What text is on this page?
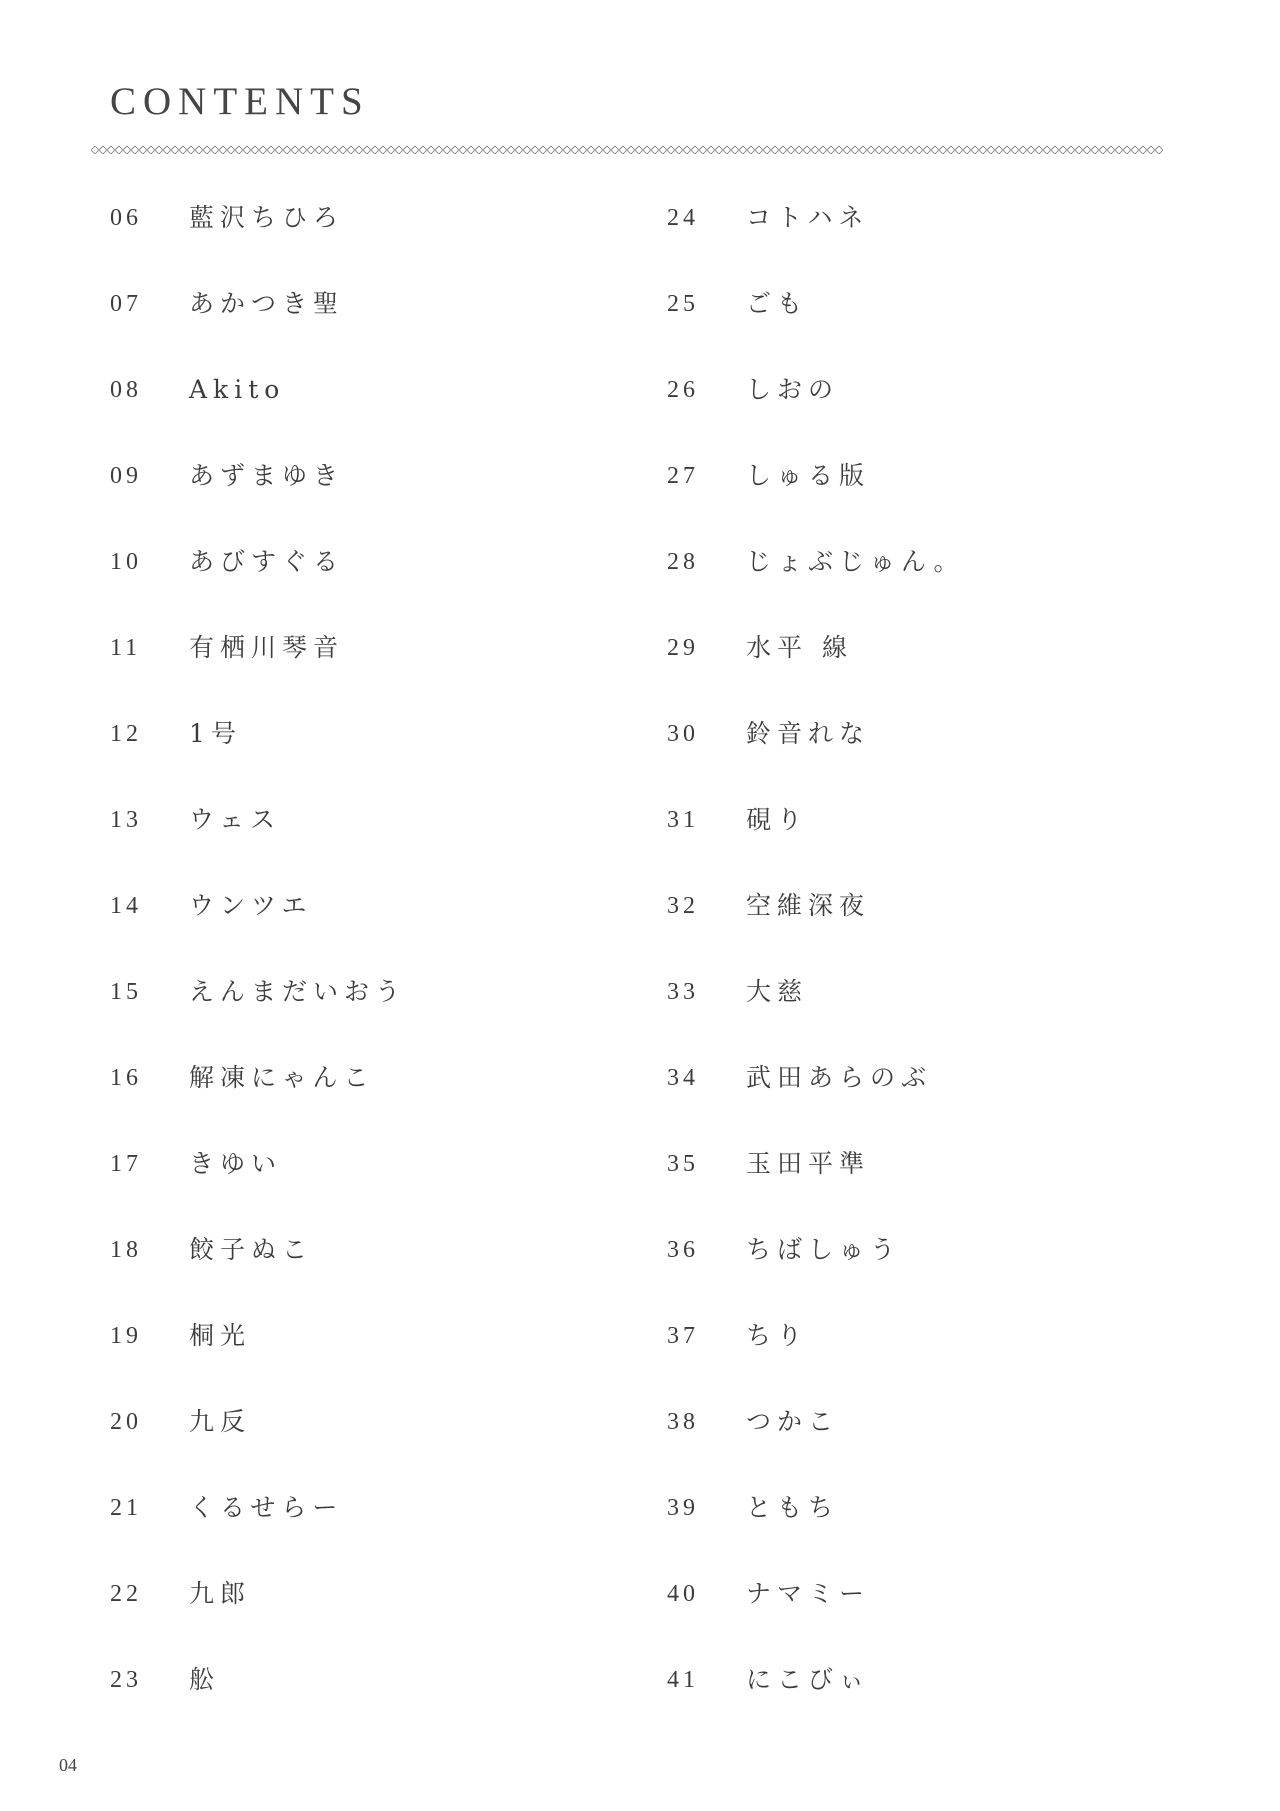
CONTENTS
06	藍沢ちひろ
07	あかつき聖
08	Akito
09	あずまゆき
10	あびすぐる
11	有栖川琴音
12	1号
13	ウェス
14	ウンツエ
15	えんまだいおう
16	解凍にゃんこ
17	きゆい
18	餃子ぬこ
19	桐光
20	九反
21	くるせらー
22	九郎
23	舩
24	コトハネ
25	ごも
26	しおの
27	しゅる版
28	じょぶじゅん。
29	水平 線
30	鈴音れな
31	硯り
32	空維深夜
33	大慈
34	武田あらのぶ
35	玉田平準
36	ちばしゅう
37	ちり
38	つかこ
39	ともち
40	ナマミー
41	にこびぃ
04
